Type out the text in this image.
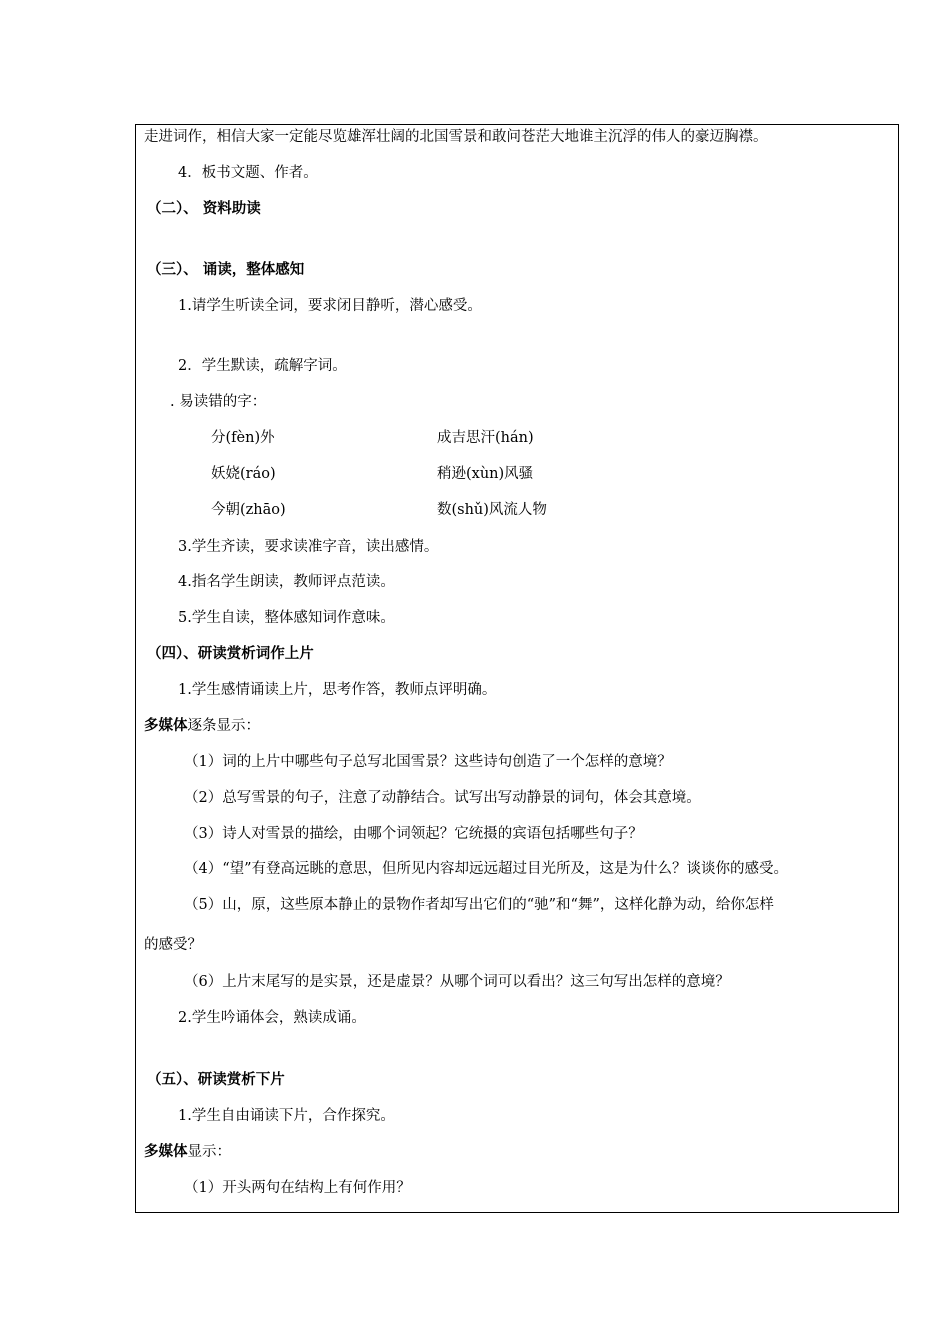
走进词作，相信大家一定能尽览雄浑壮阔的北国雪景和敢问苍茫大地谁主沉浮的伟人的豪迈胸襟。
4．板书文题、作者。
（二）、 资料助读
（三）、 诵读，整体感知
1.请学生听读全词，要求闭目静听，潜心感受。
2．学生默读，疏解字词。
. 易读错的字：
分(fèn)外	成吉思汗(hán)
妖娆(ráo)	稍逊(xùn)风骚
今朝(zhāo)	数(shǔ)风流人物
3.学生齐读，要求读准字音，读出感情。
4.指名学生朗读，教师评点范读。
5.学生自读，整体感知词作意味。
（四）、研读赏析词作上片
1.学生感情诵读上片，思考作答，教师点评明确。
多媒体逐条显示：
（1）词的上片中哪些句子总写北国雪景？这些诗句创造了一个怎样的意境？
（2）总写雪景的句子，注意了动静结合。试写出写动静景的词句，体会其意境。
（3）诗人对雪景的描绘，由哪个词领起？它统摄的宾语包括哪些句子？
（4）“望”有登高远眺的意思，但所见内容却远远超过目光所及，这是为什么？谈谈你的感受。
（5）山，原，这些原本静止的景物作者却写出它们的“驰”和“舞”，这样化静为动，给你怎样
的感受？
（6）上片末尾写的是实景，还是虚景？从哪个词可以看出？这三句写出怎样的意境？
2.学生吟诵体会，熟读成诵。
（五）、研读赏析下片
1.学生自由诵读下片，合作探究。
多媒体显示：
（1）开头两句在结构上有何作用？
